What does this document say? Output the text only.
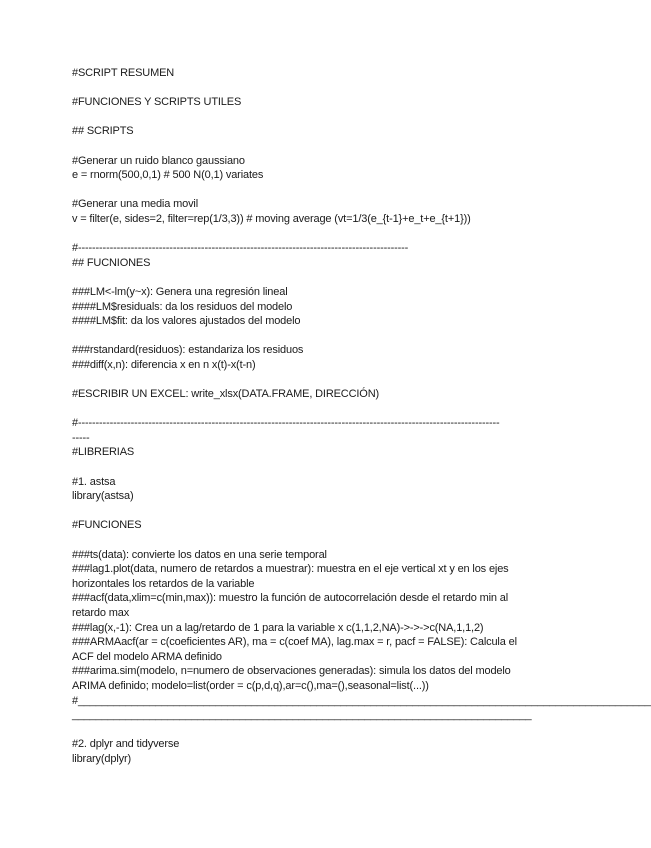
#SCRIPT RESUMEN
#FUNCIONES Y SCRIPTS UTILES
## SCRIPTS
#Generar un ruido blanco gaussiano
e = rnorm(500,0,1) # 500 N(0,1) variates
#Generar una media movil
v = filter(e, sides=2, filter=rep(1/3,3)) # moving average (vt=1/3(e_{t-1}+e_t+e_{t+1}))
#----------------------------------------------------------------------------------------------
## FUCNIONES
###LM<-lm(y~x): Genera una regresión lineal
####LM$residuals: da los residuos del modelo
####LM$fit: da los valores ajustados del modelo
###rstandard(residuos): estandariza los residuos
###diff(x,n): diferencia x en n x(t)-x(t-n)
#ESCRIBIR UN EXCEL: write_xlsx(DATA.FRAME, DIRECCIÓN)
#------------------------------------------------------------------------------------------------------------------------
-----
#LIBRERIAS
#1. astsa
library(astsa)
#FUNCIONES
###ts(data): convierte los datos en una serie temporal
###lag1.plot(data, numero de retardos a muestrar): muestra en el eje vertical xt y en los ejes horizontales los retardos de la variable
###acf(data,xlim=c(min,max)): muestro la función de autocorrelación desde el retardo min al retardo max
###lag(x,-1): Crea un a lag/retardo de 1 para la variable x c(1,1,2,NA)->->->c(NA,1,1,2)
###ARMAacf(ar = c(coeficientes AR), ma = c(coef MA), lag.max = r, pacf = FALSE): Calcula el ACF del modelo ARMA definido
###arima.sim(modelo, n=numero de observaciones generadas): simula los datos del modelo ARIMA definido; modelo=list(order = c(p,d,q),ar=c(),ma=(),seasonal=list(...))
#________________________________________________________________________________________________
_____________________________________________________________________________
#2. dplyr and tidyverse
library(dplyr)
